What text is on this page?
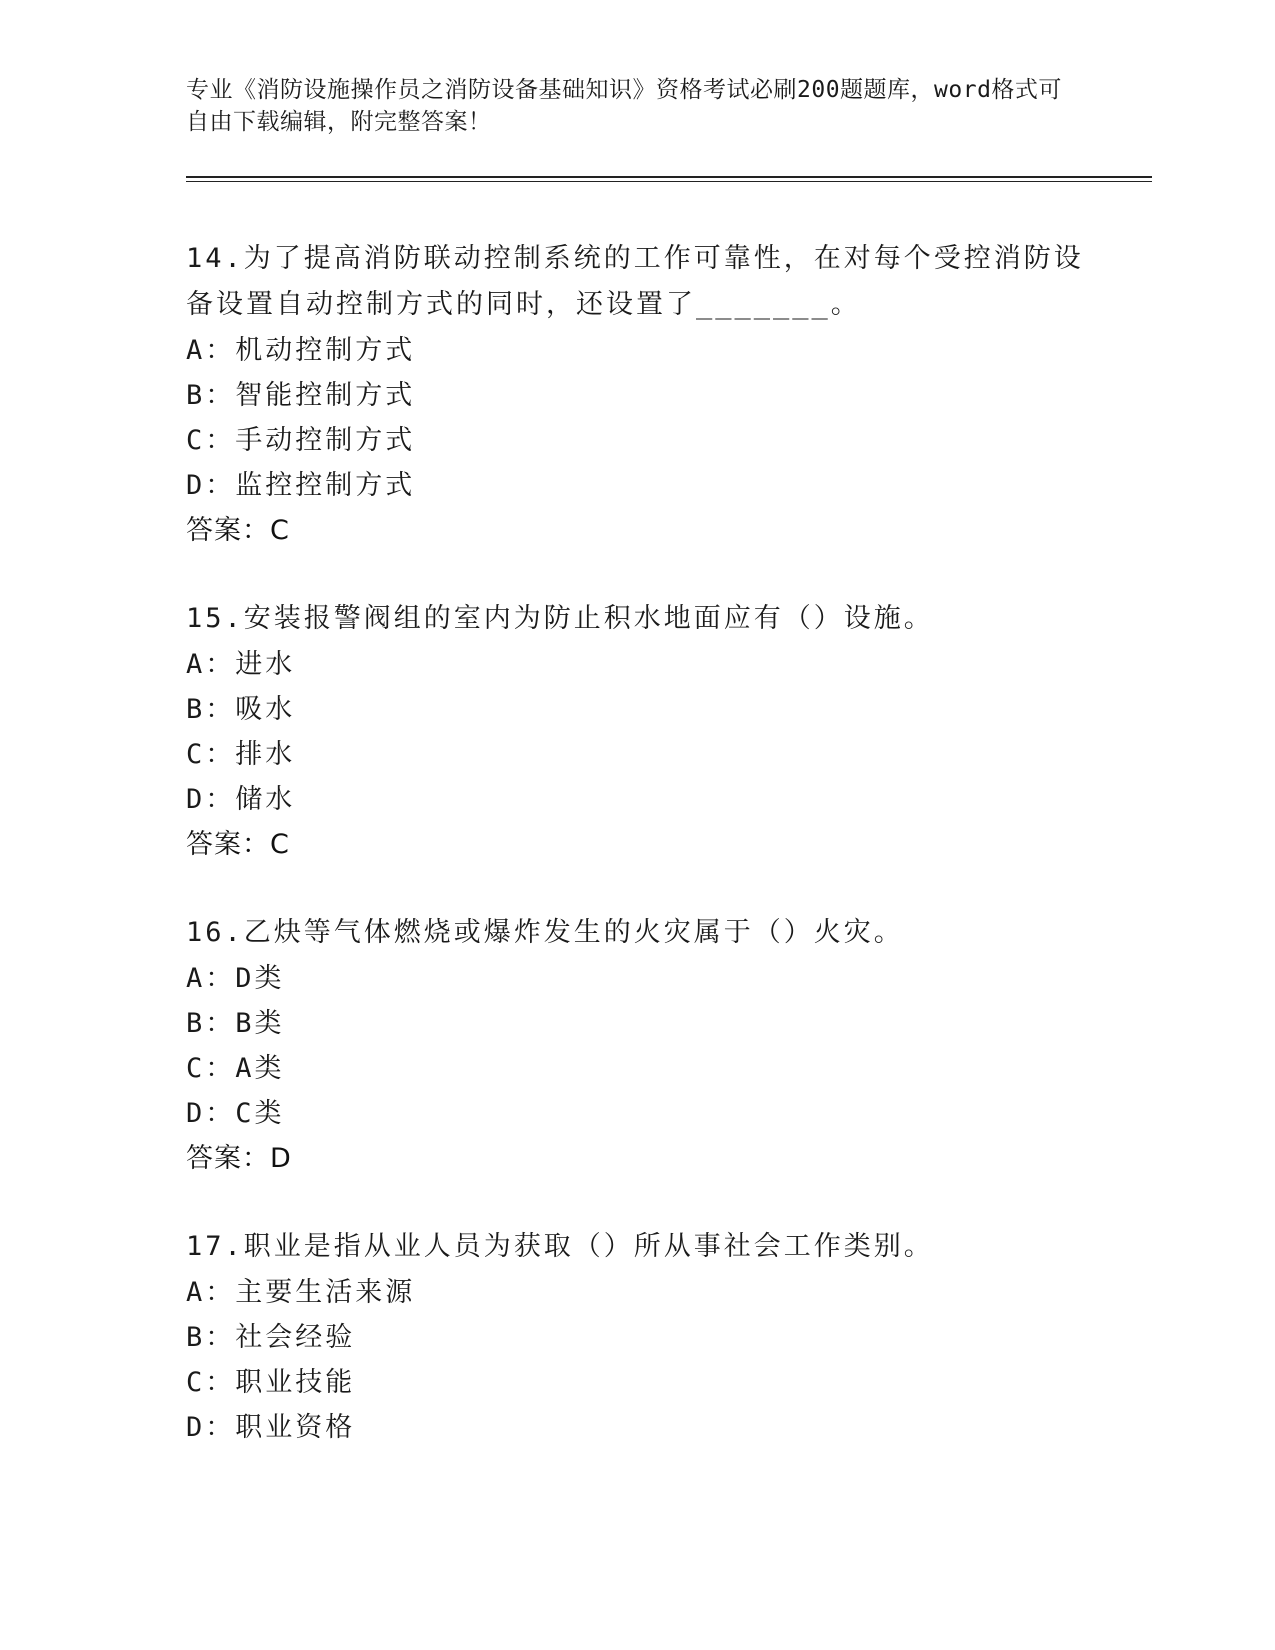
专业《消防设施操作员之消防设备基础知识》资格考试必刷200题题库，word格式可自由下载编辑，附完整答案！
14.为了提高消防联动控制系统的工作可靠性，在对每个受控消防设备设置自动控制方式的同时，还设置了_______。
A：机动控制方式
B：智能控制方式
C：手动控制方式
D：监控控制方式
答案：C
15.安装报警阀组的室内为防止积水地面应有（）设施。
A：进水
B：吸水
C：排水
D：储水
答案：C
16.乙炔等气体燃烧或爆炸发生的火灾属于（）火灾。
A：D类
B：B类
C：A类
D：C类
答案：D
17.职业是指从业人员为获取（）所从事社会工作类别。
A：主要生活来源
B：社会经验
C：职业技能
D：职业资格
